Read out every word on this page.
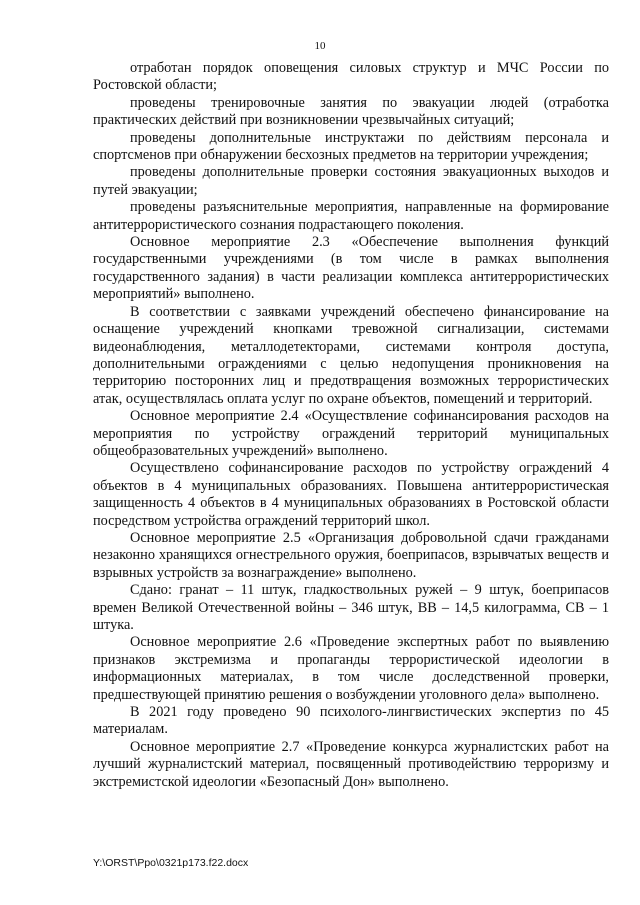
10

отработан порядок оповещения силовых структур и МЧС России по Ростовской области;

проведены тренировочные занятия по эвакуации людей (отработка практических действий при возникновении чрезвычайных ситуаций;

проведены дополнительные инструктажи по действиям персонала и спортсменов при обнаружении бесхозных предметов на территории учреждения;

проведены дополнительные проверки состояния эвакуационных выходов и путей эвакуации;

проведены разъяснительные мероприятия, направленные на формирование антитеррористического сознания подрастающего поколения.

Основное мероприятие 2.3 «Обеспечение выполнения функций государственными учреждениями (в том числе в рамках выполнения государственного задания) в части реализации комплекса антитеррористических мероприятий» выполнено.

В соответствии с заявками учреждений обеспечено финансирование на оснащение учреждений кнопками тревожной сигнализации, системами видеонаблюдения, металлодетекторами, системами контроля доступа, дополнительными ограждениями с целью недопущения проникновения на территорию посторонних лиц и предотвращения возможных террористических атак, осуществлялась оплата услуг по охране объектов, помещений и территорий.

Основное мероприятие 2.4 «Осуществление софинансирования расходов на мероприятия по устройству ограждений территорий муниципальных общеобразовательных учреждений» выполнено.

Осуществлено софинансирование расходов по устройству ограждений 4 объектов в 4 муниципальных образованиях. Повышена антитеррористическая защищенность 4 объектов в 4 муниципальных образованиях в Ростовской области посредством устройства ограждений территорий школ.

Основное мероприятие 2.5 «Организация добровольной сдачи гражданами незаконно хранящихся огнестрельного оружия, боеприпасов, взрывчатых веществ и взрывных устройств за вознаграждение» выполнено.

Сдано: гранат – 11 штук, гладкоствольных ружей – 9 штук, боеприпасов времен Великой Отечественной войны – 346 штук, ВВ – 14,5 килограмма, СВ – 1 штука.

Основное мероприятие 2.6 «Проведение экспертных работ по выявлению признаков экстремизма и пропаганды террористической идеологии в информационных материалах, в том числе доследственной проверки, предшествующей принятию решения о возбуждении уголовного дела» выполнено.

В 2021 году проведено 90 психолого-лингвистических экспертиз по 45 материалам.

Основное мероприятие 2.7 «Проведение конкурса журналистских работ на лучший журналистский материал, посвященный противодействию терроризму и экстремистской идеологии «Безопасный Дон» выполнено.

Y:\ORST\Ppo\0321p173.f22.docx
